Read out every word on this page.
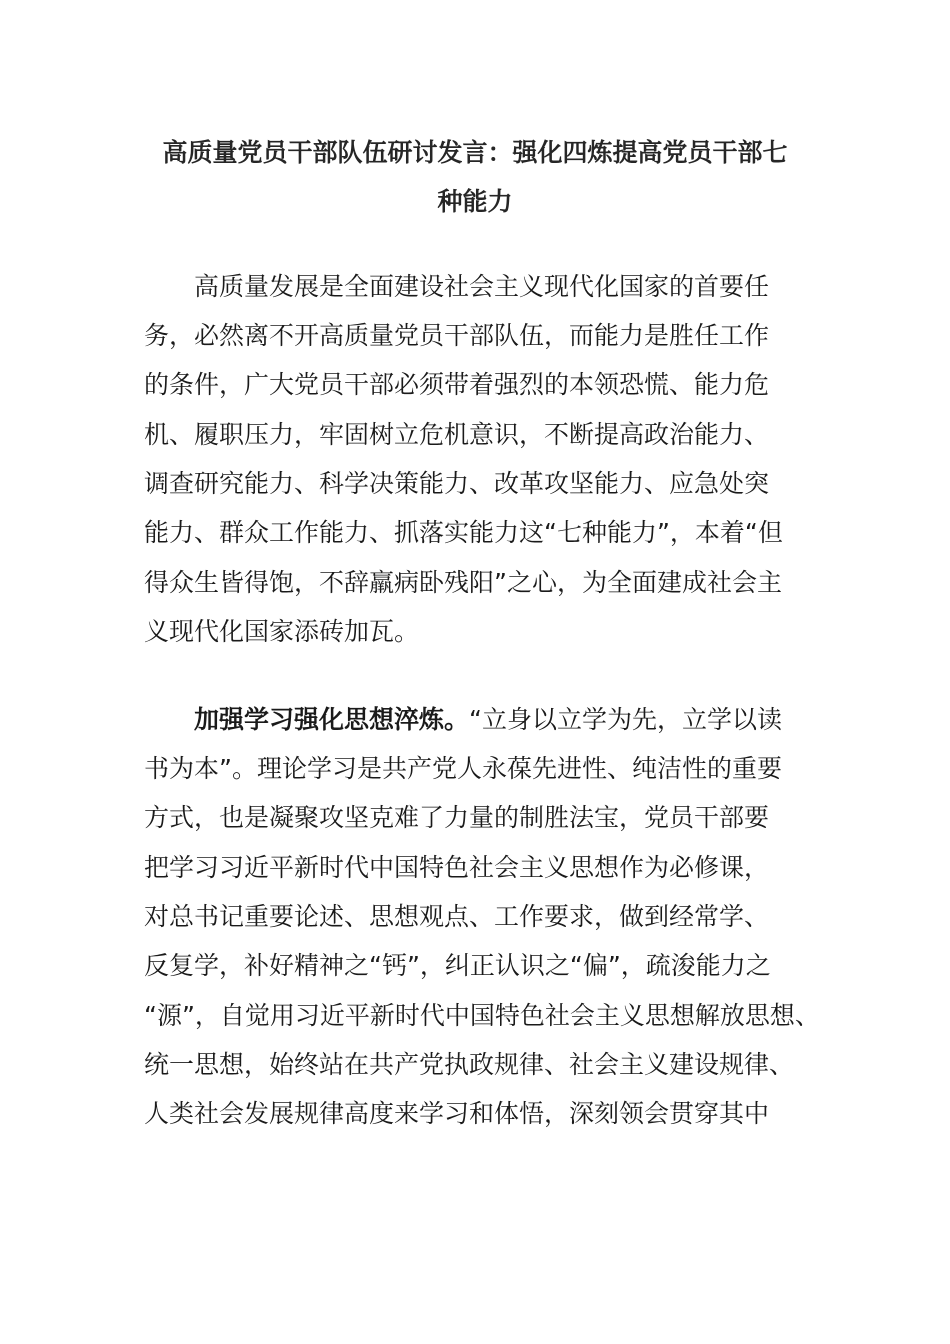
高质量党员干部队伍研讨发言：强化四炼提高党员干部七
种能力
高质量发展是全面建设社会主义现代化国家的首要任
务，必然离不开高质量党员干部队伍，而能力是胜任工作
的条件，广大党员干部必须带着强烈的本领恐慌、能力危
机、履职压力，牢固树立危机意识，不断提高政治能力、
调查研究能力、科学决策能力、改革攻坚能力、应急处突
能力、群众工作能力、抓落实能力这“七种能力”，本着“但
得众生皆得饱，不辞羸病卧残阳”之心，为全面建成社会主
义现代化国家添砖加瓦。
加强学习强化思想淬炼。“立身以立学为先，立学以读
书为本”。理论学习是共产党人永葆先进性、纯洁性的重要
方式，也是凝聚攻坚克难了力量的制胜法宝，党员干部要
把学习习近平新时代中国特色社会主义思想作为必修课，
对总书记重要论述、思想观点、工作要求，做到经常学、
反复学，补好精神之“钙”，纠正认识之“偏”，疏浚能力之
“源”，自觉用习近平新时代中国特色社会主义思想解放思想、
统一思想，始终站在共产党执政规律、社会主义建设规律、
人类社会发展规律高度来学习和体悟，深刻领会贯穿其中
